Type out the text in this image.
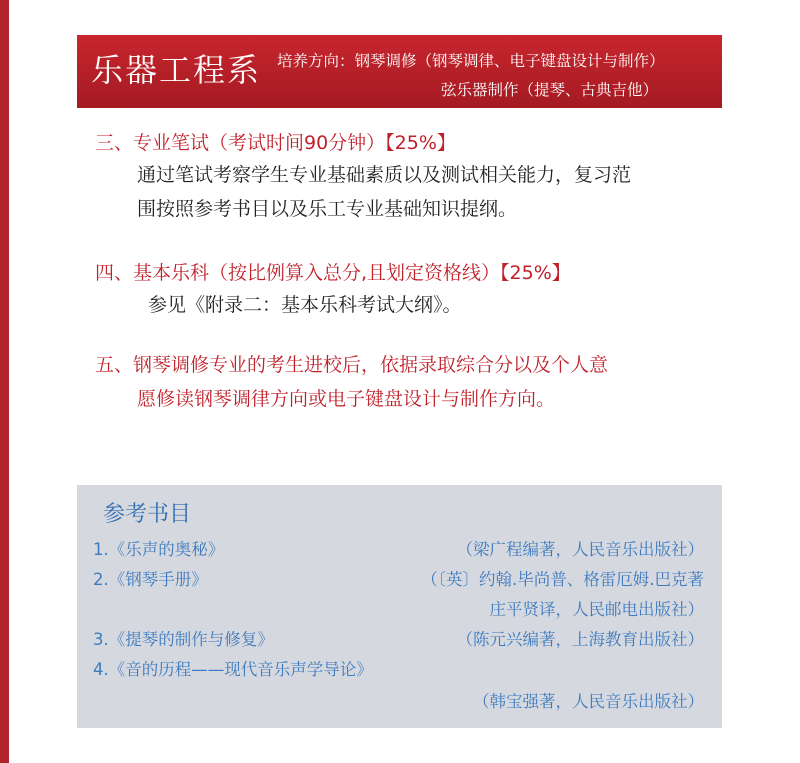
乐器工程系 培养方向：钢琴调修（钢琴调律、电子键盘设计与制作）
弦乐器制作（提琴、古典吉他）
三、专业笔试（考试时间90分钟）【25%】
通过笔试考察学生专业基础素质以及测试相关能力，复习范
围按照参考书目以及乐工专业基础知识提纲。
四、基本乐科（按比例算入总分,且划定资格线）【25%】
参见《附录二：基本乐科考试大纲》。
五、钢琴调修专业的考生进校后，依据录取综合分以及个人意
愿修读钢琴调律方向或电子键盘设计与制作方向。
参考书目
1.《乐声的奥秘》	（梁广程编著，人民音乐出版社）
2.《钢琴手册》	（〔英〕约翰.毕尚普、格雷厄姆.巴克著
庄平贤译，人民邮电出版社）
3.《提琴的制作与修复》	（陈元兴编著，上海教育出版社）
4.《音的历程——现代音乐声学导论》
（韩宝强著，人民音乐出版社）
